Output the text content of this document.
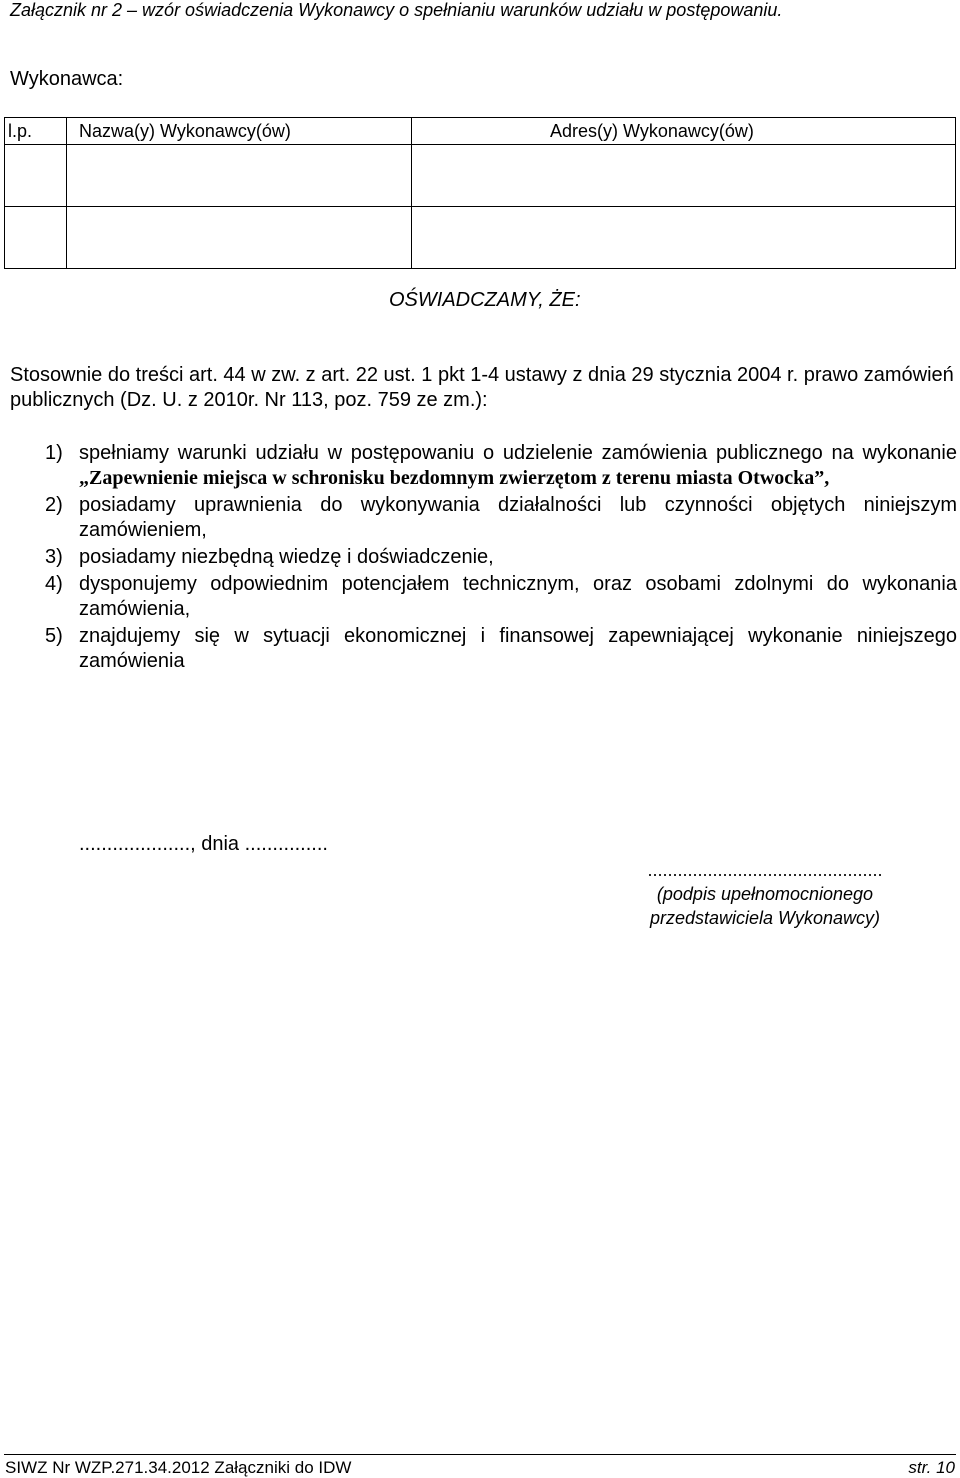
Załącznik nr 2 – wzór oświadczenia Wykonawcy o spełnianiu warunków udziału w postępowaniu.
Wykonawca:
l.p.	Nazwa(y) Wykonawcy(ów)	Adres(y) Wykonawcy(ów)

OŚWIADCZAMY, ŻE:
Stosownie do treści art. 44 w zw. z art. 22 ust. 1 pkt 1-4 ustawy z dnia 29 stycznia 2004 r. prawo zamówień publicznych (Dz. U. z 2010r. Nr 113, poz. 759 ze zm.):
1) spełniamy warunki udziału w postępowaniu o udzielenie zamówienia publicznego na wykonanie „Zapewnienie miejsca w schronisku bezdomnym zwierzętom z terenu miasta Otwocka”,
2) posiadamy uprawnienia do wykonywania działalności lub czynności objętych niniejszym zamówieniem,
3) posiadamy niezbędną wiedzę i doświadczenie,
4) dysponujemy odpowiednim potencjałem technicznym, oraz osobami zdolnymi do wykonania zamówienia,
5) znajdujemy się w sytuacji ekonomicznej i finansowej zapewniającej wykonanie niniejszego zamówienia
...................., dnia ...............
...............................................
(podpis upełnomocnionego
przedstawiciela Wykonawcy)
SIWZ Nr WZP.271.34.2012 Załączniki do IDW	str. 10
